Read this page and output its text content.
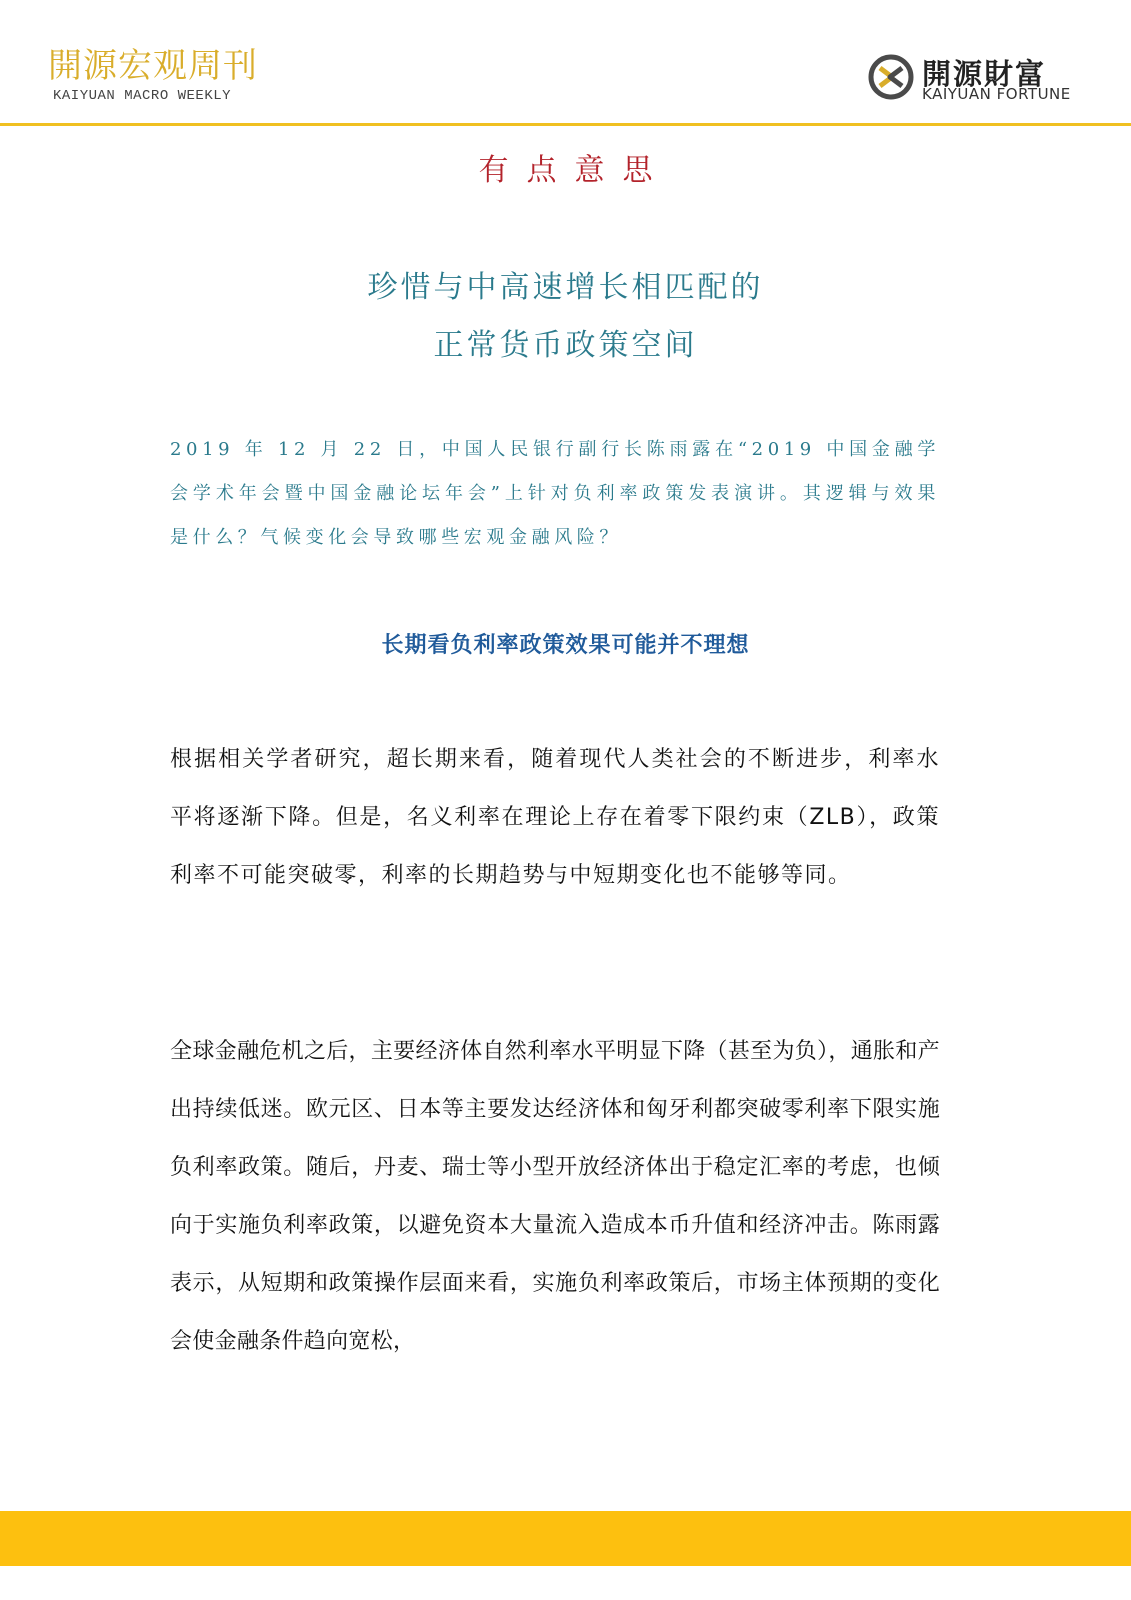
開源宏观周刊
KAIYUAN MACRO WEEKLY
開源財富
KAIYUAN FORTUNE
有点意思
珍惜与中高速增长相匹配的
正常货币政策空间
2019 年 12 月 22 日，中国人民银行副行长陈雨露在“2019 中国金融学会学术年会暨中国金融论坛年会”上针对负利率政策发表演讲。其逻辑与效果是什么？气候变化会导致哪些宏观金融风险？
长期看负利率政策效果可能并不理想
根据相关学者研究，超长期来看，随着现代人类社会的不断进步，利率水平将逐渐下降。但是，名义利率在理论上存在着零下限约束（ZLB），政策利率不可能突破零，利率的长期趋势与中短期变化也不能够等同。
全球金融危机之后，主要经济体自然利率水平明显下降（甚至为负），通胀和产出持续低迷。欧元区、日本等主要发达经济体和匈牙利都突破零利率下限实施负利率政策。随后，丹麦、瑞士等小型开放经济体出于稳定汇率的考虑，也倾向于实施负利率政策，以避免资本大量流入造成本币升值和经济冲击。陈雨露表示，从短期和政策操作层面来看，实施负利率政策后，市场主体预期的变化会使金融条件趋向宽松，
